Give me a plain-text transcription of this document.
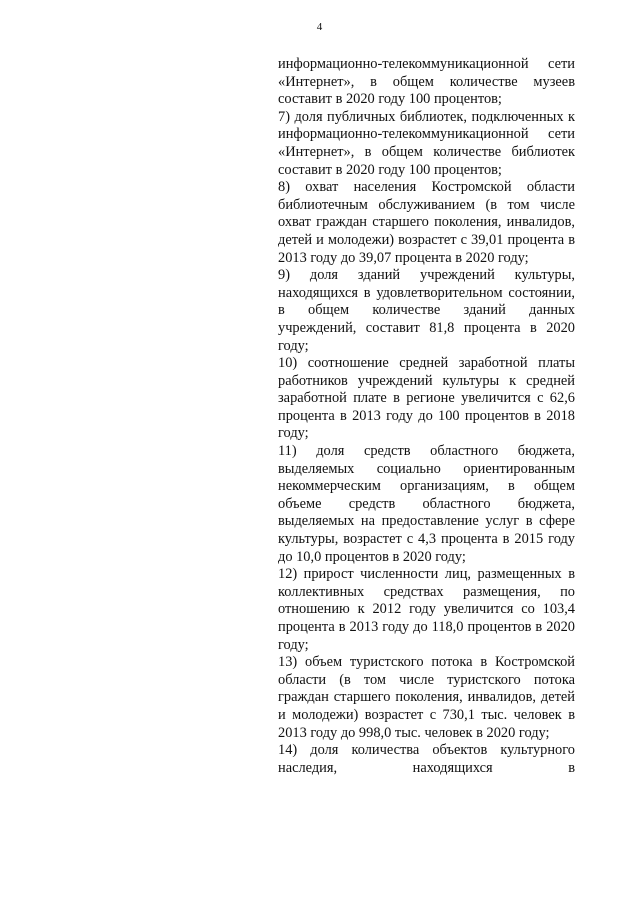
4

информационно-телекоммуникационной сети «Интернет», в общем количестве музеев составит в 2020 году 100 процентов;

7) доля публичных библиотек, подключенных к информационно-телекоммуникационной сети «Интернет», в общем количестве библиотек составит в 2020 году 100 процентов;

8) охват населения Костромской области библиотечным обслуживанием (в том числе охват граждан старшего поколения, инвалидов, детей и молодежи) возрастет с 39,01 процента в 2013 году до 39,07 процента в 2020 году;

9) доля зданий учреждений культуры, находящихся в удовлетворительном состоянии, в общем количестве зданий данных учреждений, составит 81,8 процента в 2020 году;

10) соотношение средней заработной платы работников учреждений культуры к средней заработной плате в регионе увеличится с 62,6 процента в 2013 году до 100 процентов в 2018 году;

11) доля средств областного бюджета, выделяемых социально ориентированным некоммерческим организациям, в общем объеме средств областного бюджета, выделяемых на предоставление услуг в сфере культуры, возрастет с 4,3 процента в 2015 году до 10,0 процентов в 2020 году;

12) прирост численности лиц, размещенных в коллективных средствах размещения, по отношению к 2012 году увеличится со 103,4 процента в 2013 году до 118,0 процентов в 2020 году;

13) объем туристского потока в Костромской области (в том числе туристского потока граждан старшего поколения, инвалидов, детей и молодежи) возрастет с 730,1 тыс. человек в 2013 году до 998,0 тыс. человек в 2020 году;

14) доля количества объектов культурного наследия, находящихся в
